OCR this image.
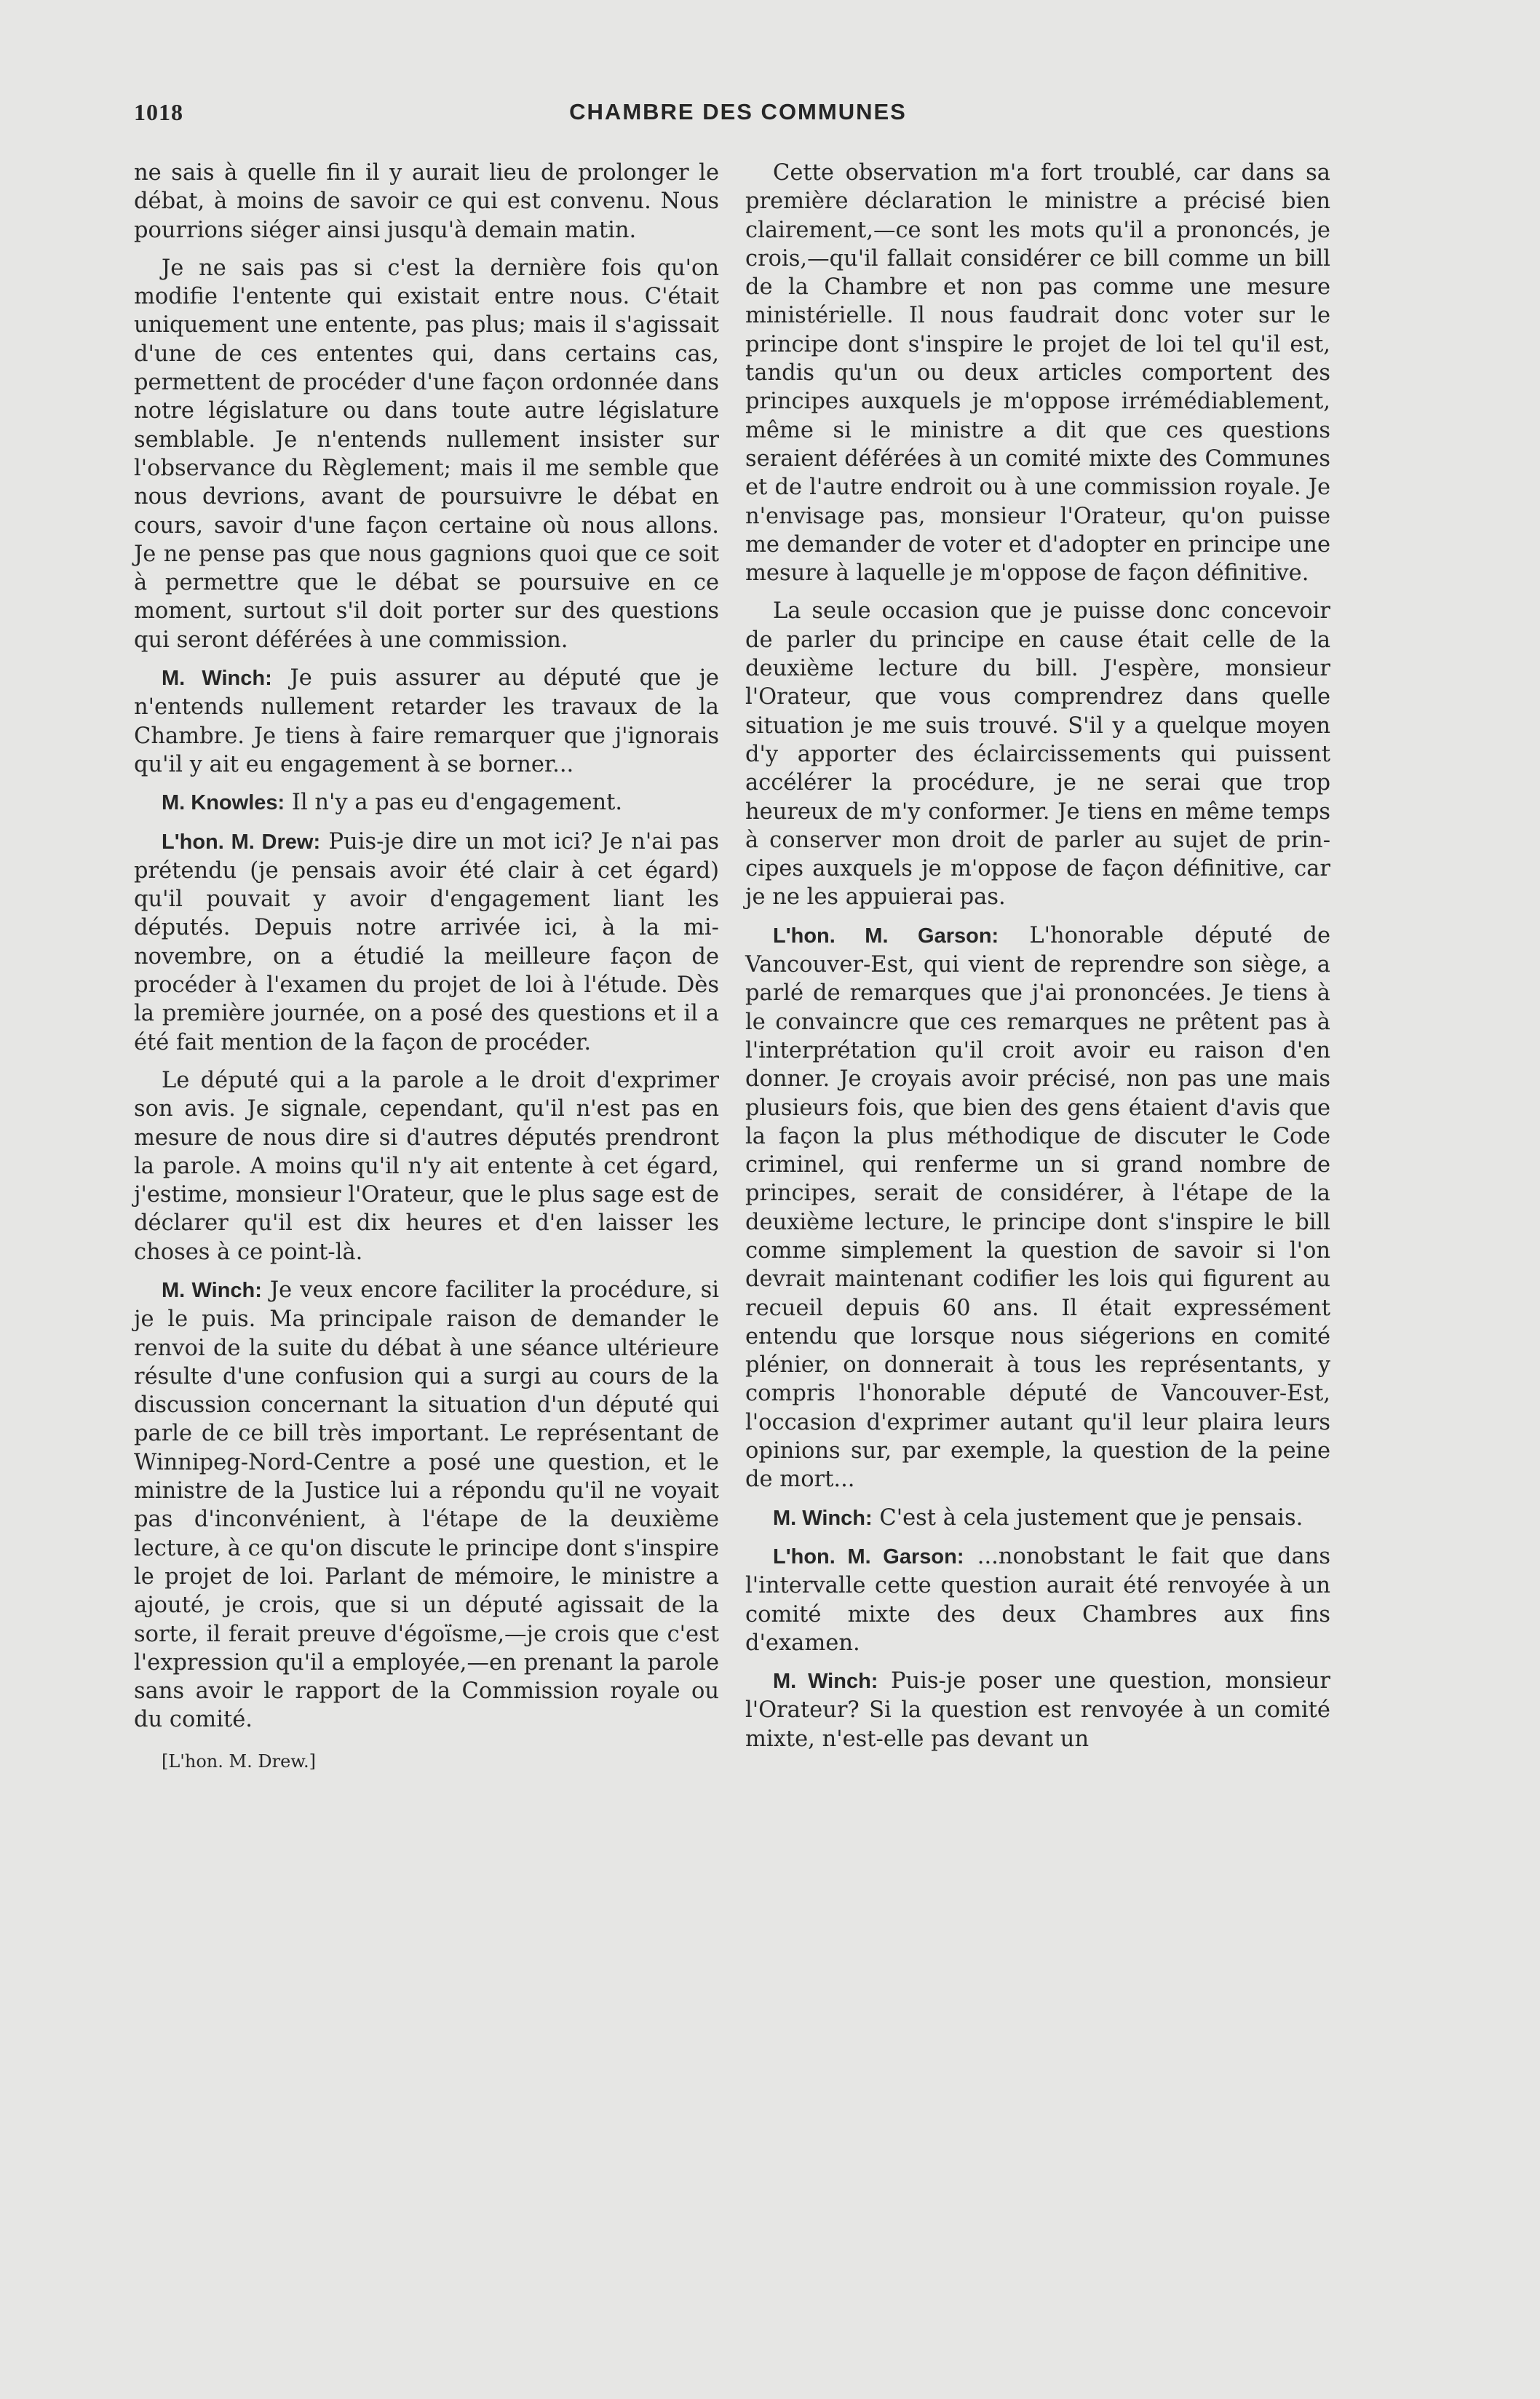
1018	CHAMBRE DES COMMUNES

ne sais à quelle fin il y aurait lieu de prolonger le débat, à moins de savoir ce qui est convenu. Nous pourrions siéger ainsi jusqu'à demain matin.

Je ne sais pas si c'est la dernière fois qu'on modifie l'entente qui existait entre nous. C'était uniquement une entente, pas plus; mais il s'agissait d'une de ces ententes qui, dans certains cas, permettent de procéder d'une façon ordonnée dans notre législature ou dans toute autre législature semblable. Je n'entends nullement insister sur l'observance du Règlement; mais il me semble que nous devrions, avant de poursuivre le débat en cours, savoir d'une façon certaine où nous allons. Je ne pense pas que nous gagnions quoi que ce soit à permettre que le débat se poursuive en ce moment, surtout s'il doit porter sur des questions qui seront déférées à une commission.

M. Winch: Je puis assurer au député que je n'entends nullement retarder les travaux de la Chambre. Je tiens à faire remarquer que j'ignorais qu'il y ait eu engagement à se borner...

M. Knowles: Il n'y a pas eu d'engagement.

L'hon. M. Drew: Puis-je dire un mot ici? Je n'ai pas prétendu (je pensais avoir été clair à cet égard) qu'il pouvait y avoir d'engagement liant les députés. Depuis notre arrivée ici, à la mi-novembre, on a étudié la meilleure façon de procéder à l'examen du projet de loi à l'étude. Dès la première journée, on a posé des questions et il a été fait mention de la façon de procéder.

Le député qui a la parole a le droit d'exprimer son avis. Je signale, cependant, qu'il n'est pas en mesure de nous dire si d'autres députés prendront la parole. A moins qu'il n'y ait entente à cet égard, j'estime, monsieur l'Orateur, que le plus sage est de déclarer qu'il est dix heures et d'en laisser les choses à ce point-là.

M. Winch: Je veux encore faciliter la procédure, si je le puis. Ma principale raison de demander le renvoi de la suite du débat à une séance ultérieure résulte d'une confusion qui a surgi au cours de la discussion concernant la situation d'un député qui parle de ce bill très important. Le représentant de Winnipeg-Nord-Centre a posé une question, et le ministre de la Justice lui a répondu qu'il ne voyait pas d'inconvénient, à l'étape de la deuxième lecture, à ce qu'on discute le principe dont s'inspire le projet de loi. Parlant de mémoire, le ministre a ajouté, je crois, que si un député agissait de la sorte, il ferait preuve d'égoïsme,—je crois que c'est l'expression qu'il a employée,—en prenant la parole sans avoir le rapport de la Commission royale ou du comité.

[L'hon. M. Drew.]

Cette observation m'a fort troublé, car dans sa première déclaration le ministre a précisé bien clairement,—ce sont les mots qu'il a prononcés, je crois,—qu'il fallait considérer ce bill comme un bill de la Chambre et non pas comme une mesure ministérielle. Il nous faudrait donc voter sur le principe dont s'inspire le projet de loi tel qu'il est, tandis qu'un ou deux articles comportent des principes auxquels je m'oppose irrémédiablement, même si le ministre a dit que ces questions seraient déférées à un comité mixte des Communes et de l'autre endroit ou à une commission royale. Je n'envisage pas, monsieur l'Orateur, qu'on puisse me demander de voter et d'adopter en principe une mesure à laquelle je m'oppose de façon définitive.

La seule occasion que je puisse donc concevoir de parler du principe en cause était celle de la deuxième lecture du bill. J'espère, monsieur l'Orateur, que vous comprendrez dans quelle situation je me suis trouvé. S'il y a quelque moyen d'y apporter des éclaircissements qui puissent accélérer la procédure, je ne serai que trop heureux de m'y conformer. Je tiens en même temps à conserver mon droit de parler au sujet de principes auxquels je m'oppose de façon définitive, car je ne les appuierai pas.

L'hon. M. Garson: L'honorable député de Vancouver-Est, qui vient de reprendre son siège, a parlé de remarques que j'ai prononcées. Je tiens à le convaincre que ces remarques ne prêtent pas à l'interprétation qu'il croit avoir eu raison d'en donner. Je croyais avoir précisé, non pas une mais plusieurs fois, que bien des gens étaient d'avis que la façon la plus méthodique de discuter le Code criminel, qui renferme un si grand nombre de principes, serait de considérer, à l'étape de la deuxième lecture, le principe dont s'inspire le bill comme simplement la question de savoir si l'on devrait maintenant codifier les lois qui figurent au recueil depuis 60 ans. Il était expressément entendu que lorsque nous siégerions en comité plénier, on donnerait à tous les représentants, y compris l'honorable député de Vancouver-Est, l'occasion d'exprimer autant qu'il leur plaira leurs opinions sur, par exemple, la question de la peine de mort...

M. Winch: C'est à cela justement que je pensais.

L'hon. M. Garson: ...nonobstant le fait que dans l'intervalle cette question aurait été renvoyée à un comité mixte des deux Chambres aux fins d'examen.

M. Winch: Puis-je poser une question, monsieur l'Orateur? Si la question est renvoyée à un comité mixte, n'est-elle pas devant un
